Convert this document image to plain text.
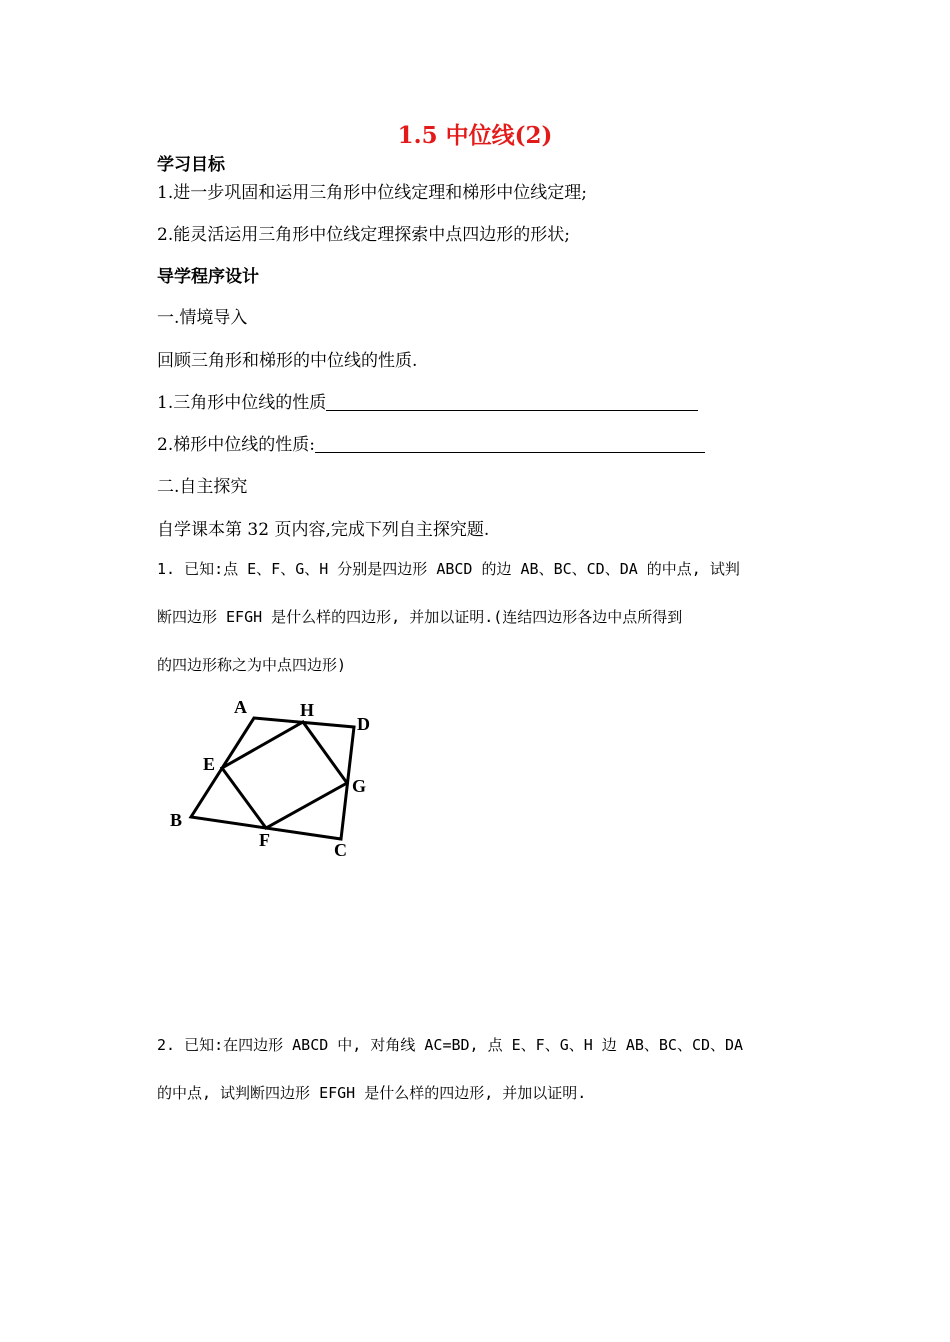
1.5 中位线(2)
学习目标
1.进一步巩固和运用三角形中位线定理和梯形中位线定理;
2.能灵活运用三角形中位线定理探索中点四边形的形状;
导学程序设计
一.情境导入
回顾三角形和梯形的中位线的性质.
1.三角形中位线的性质
2.梯形中位线的性质:
二.自主探究
自学课本第 32 页内容,完成下列自主探究题.
1. 已知:点 E、F、G、H 分别是四边形 ABCD 的边 AB、BC、CD、DA 的中点, 试判
断四边形 EFGH 是什么样的四边形, 并加以证明.(连结四边形各边中点所得到
的四边形称之为中点四边形)
A	H
D
E
G
B
F	C
2. 已知:在四边形 ABCD 中, 对角线 AC=BD, 点 E、F、G、H 边 AB、BC、CD、DA
的中点, 试判断四边形 EFGH 是什么样的四边形, 并加以证明.
